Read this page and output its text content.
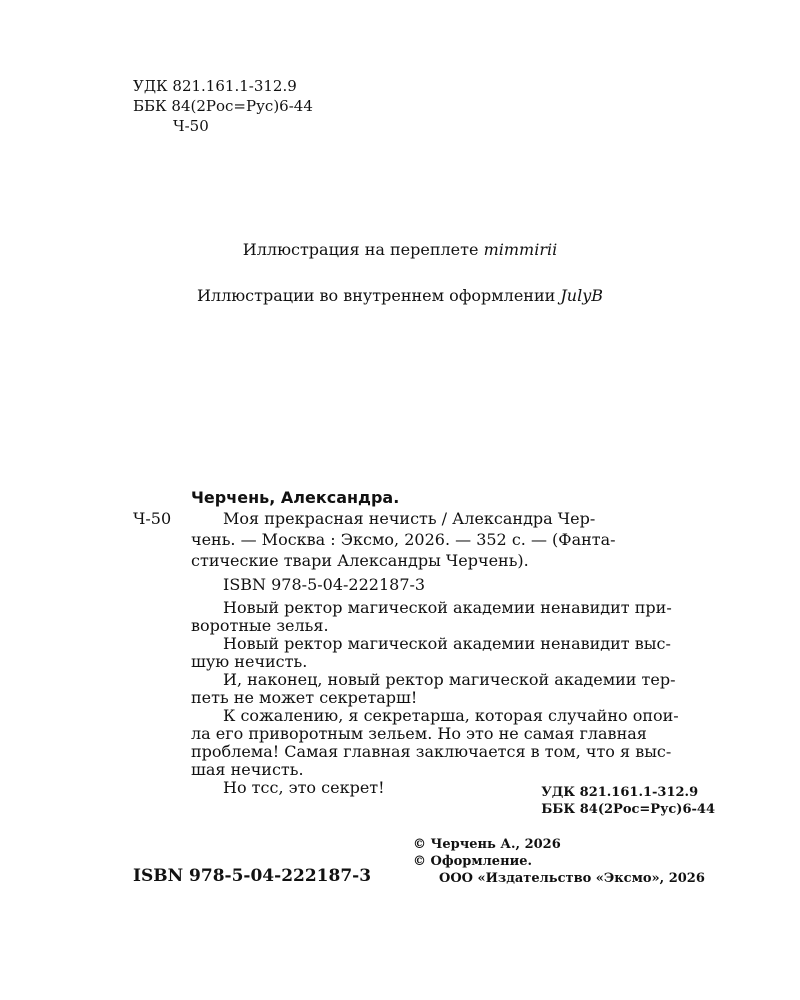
УДК 821.161.1-312.9
ББК 84(2Рос=Рус)6-44
Ч-50
Иллюстрация на переплете mimmirii
Иллюстрации во внутреннем оформлении JulyB
Черчень, Александра.
Ч-50	Моя прекрасная нечисть / Александра Чер-
чень. — Москва : Эксмо, 2026. — 352 с. — (Фанта-
стические твари Александры Черчень).
ISBN 978-5-04-222187-3
Новый ректор магической академии ненавидит при-
воротные зелья.
Новый ректор магической академии ненавидит выс-
шую нечисть.
И, наконец, новый ректор магической академии тер-
петь не может секретарш!
К сожалению, я секретарша, которая случайно опои-
ла его приворотным зельем. Но это не самая главная
проблема! Самая главная заключается в том, что я выс-
шая нечисть.
Но тсс, это секрет!	УДК 821.161.1-312.9
ББК 84(2Рос=Рус)6-44
© Черчень А., 2026
© Оформление.
ООО «Издательство «Эксмо», 2026
ISBN 978-5-04-222187-3
